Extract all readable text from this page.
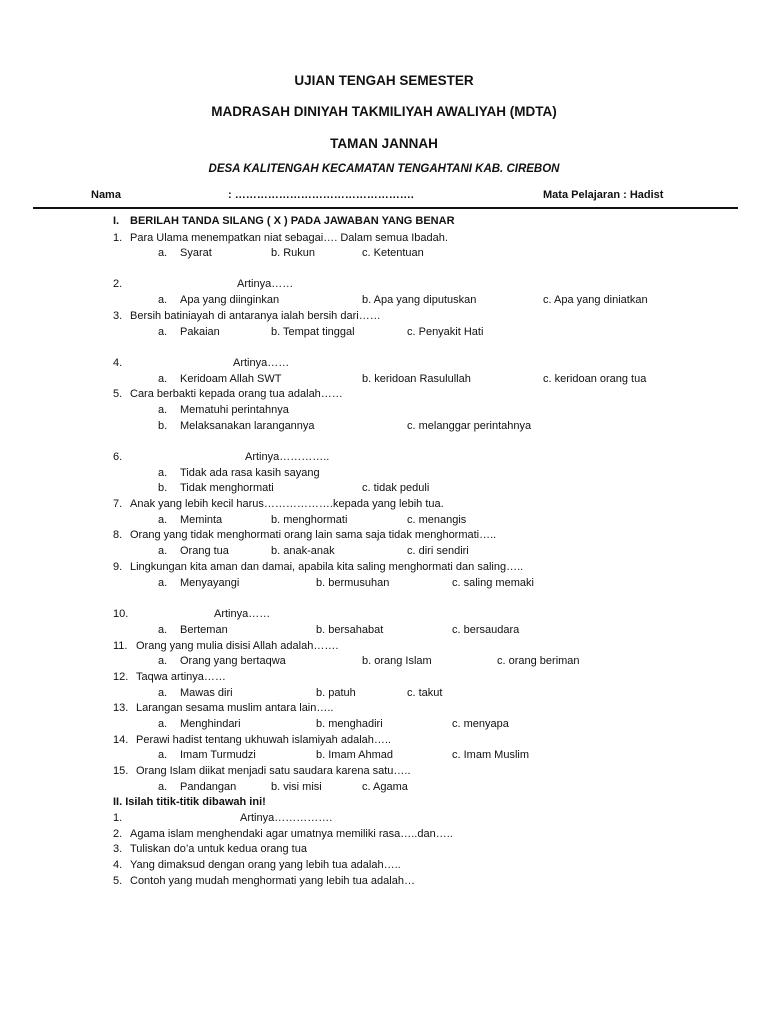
UJIAN TENGAH SEMESTER
MADRASAH DINIYAH TAKMILIYAH AWALIYAH (MDTA)
TAMAN JANNAH
DESA KALITENGAH KECAMATAN TENGAHTANI KAB. CIREBON
Nama	: ………………………………………….	Mata Pelajaran : Hadist
I. BERILAH TANDA SILANG ( X ) PADA JAWABAN YANG BENAR
1. Para Ulama menempatkan niat sebagai…. Dalam semua Ibadah.
a. Syarat	b. Rukun	c. Ketentuan
2.	Artinya……
a. Apa yang diinginkan	b. Apa yang diputuskan	c. Apa yang diniatkan
3. Bersih batiniayah di antaranya ialah bersih dari……
a. Pakaian	b. Tempat tinggal	c. Penyakit Hati
4.	Artinya……
a. Keridoam Allah SWT	b. keridoan Rasulullah	c. keridoan orang tua
5. Cara berbakti kepada orang tua adalah……
a. Mematuhi perintahnya
b. Melaksanakan larangannya	c. melanggar perintahnya
6.	Artinya…………..
a. Tidak ada rasa kasih sayang
b. Tidak menghormati	c. tidak peduli
7. Anak yang lebih kecil harus……………….kepada yang lebih tua.
a. Meminta	b. menghormati	c. menangis
8. Orang yang tidak menghormati orang lain sama saja tidak menghormati…..
a. Orang tua	b. anak-anak	c. diri sendiri
9. Lingkungan kita aman dan damai, apabila kita saling menghormati dan saling…..
a. Menyayangi	b. bermusuhan	c. saling memaki
10.	Artinya……
a. Berteman	b. bersahabat	c. bersaudara
11. Orang yang mulia disisi Allah adalah…….
a. Orang yang bertaqwa	b. orang Islam	c. orang beriman
12. Taqwa artinya……
a. Mawas diri	b. patuh	c. takut
13. Larangan sesama muslim antara lain…..
a. Menghindari	b. menghadiri	c. menyapa
14. Perawi hadist tentang ukhuwah islamiyah adalah…..
a. Imam Turmudzi	b. Imam Ahmad	c. Imam Muslim
15. Orang Islam diikat menjadi satu saudara karena satu…..
a. Pandangan	b. visi misi	c. Agama
II. Isilah titik-titik dibawah ini!
1.	Artinya…………….
2. Agama islam menghendaki agar umatnya memiliki rasa…..dan…..
3. Tuliskan do’a untuk kedua orang tua
4. Yang dimaksud dengan orang yang lebih tua adalah…..
5. Contoh yang mudah menghormati yang lebih tua adalah…
